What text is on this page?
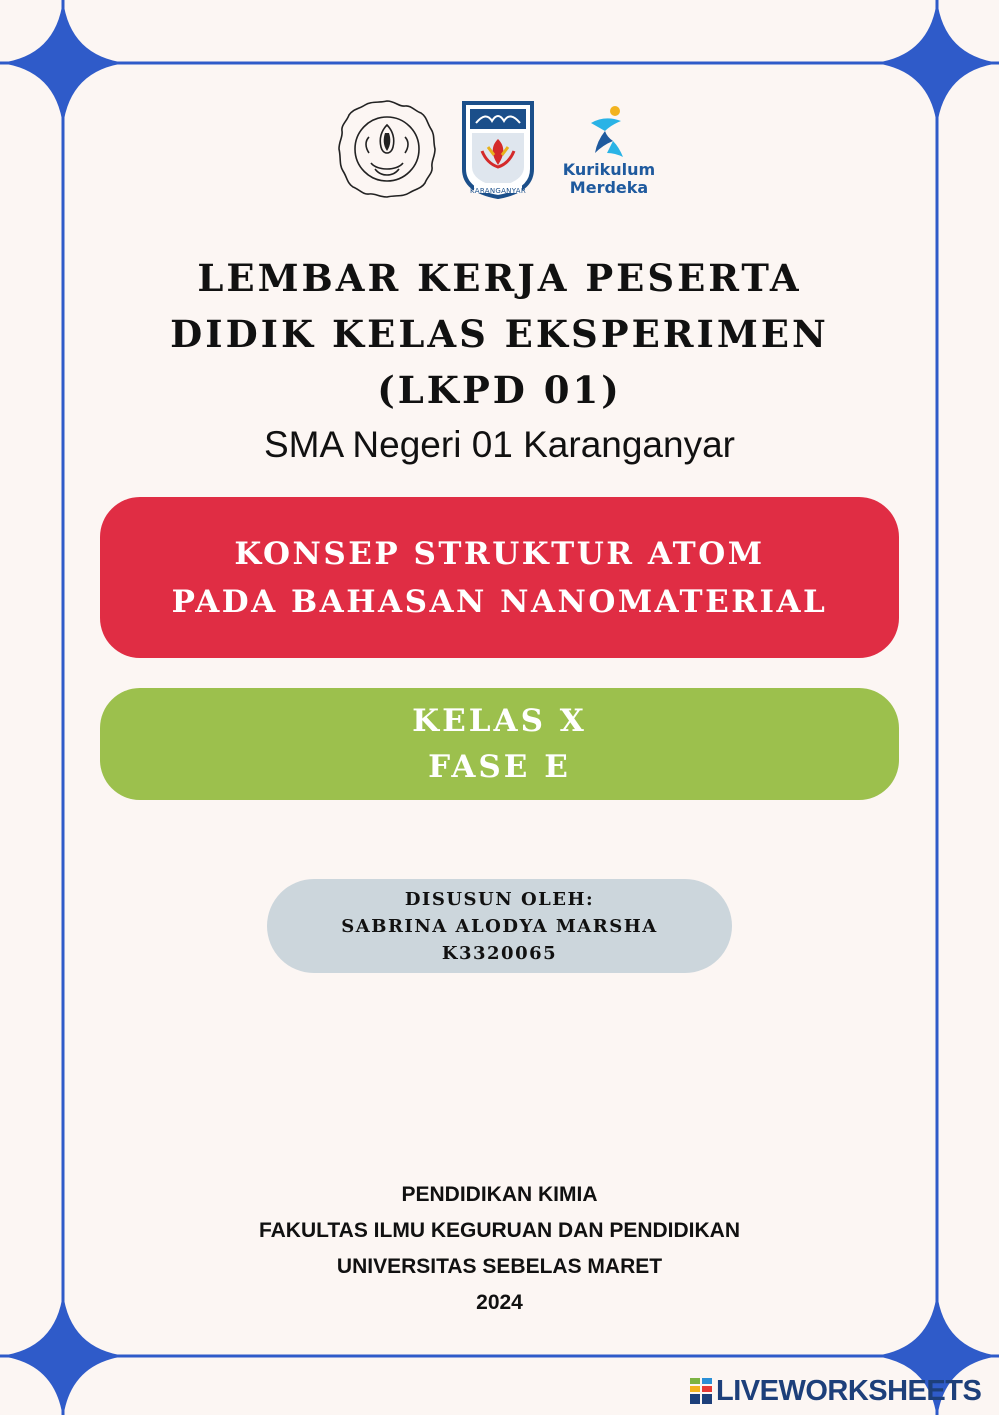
KARANGANYAR
Kurikulum
Merdeka
LEMBAR KERJA PESERTA
DIDIK KELAS EKSPERIMEN
(LKPD 01)
SMA Negeri 01 Karanganyar
KONSEP STRUKTUR ATOM
PADA BAHASAN NANOMATERIAL
KELAS X
FASE E
DISUSUN OLEH:
SABRINA ALODYA MARSHA
K3320065
PENDIDIKAN KIMIA
FAKULTAS ILMU KEGURUAN DAN PENDIDIKAN
UNIVERSITAS SEBELAS MARET
2024
LIVEWORKSHEETS
